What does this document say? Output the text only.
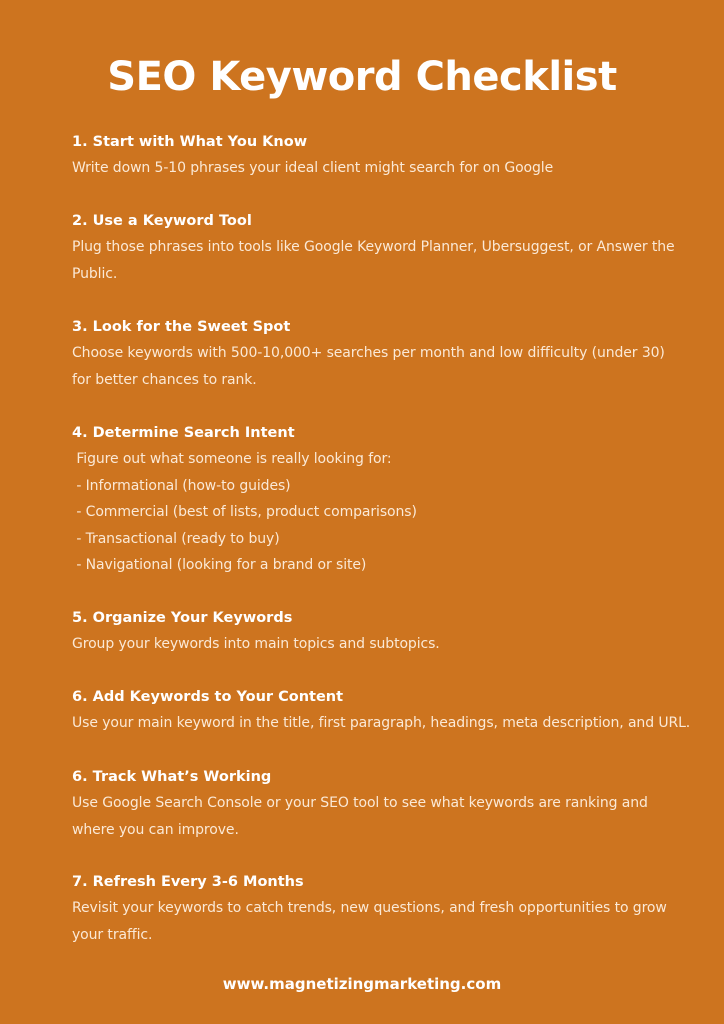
SEO Keyword Checklist
1. Start with What You Know
Write down 5-10 phrases your ideal client might search for on Google
2. Use a Keyword Tool
Plug those phrases into tools like Google Keyword Planner, Ubersuggest, or Answer the
Public.
3. Look for the Sweet Spot
Choose keywords with 500-10,000+ searches per month and low difficulty (under 30)
for better chances to rank.
4. Determine Search Intent
Figure out what someone is really looking for:
- Informational (how-to guides)
- Commercial (best of lists, product comparisons)
- Transactional (ready to buy)
- Navigational (looking for a brand or site)
5. Organize Your Keywords
Group your keywords into main topics and subtopics.
6. Add Keywords to Your Content
Use your main keyword in the title, first paragraph, headings, meta description, and URL.
6. Track What’s Working
Use Google Search Console or your SEO tool to see what keywords are ranking and
where you can improve.
7. Refresh Every 3-6 Months
Revisit your keywords to catch trends, new questions, and fresh opportunities to grow
your traffic.
www.magnetizingmarketing.com
